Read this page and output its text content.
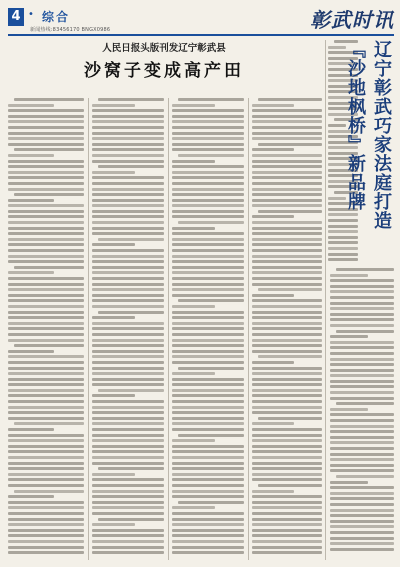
4 • 综合
新闻热线:83456170 BNGX0986	彰武时讯
人民日报头版刊发辽宁彰武县
沙窝子变成高产田	辽宁彰武巧家法庭打造『沙地枫桥』新品牌
